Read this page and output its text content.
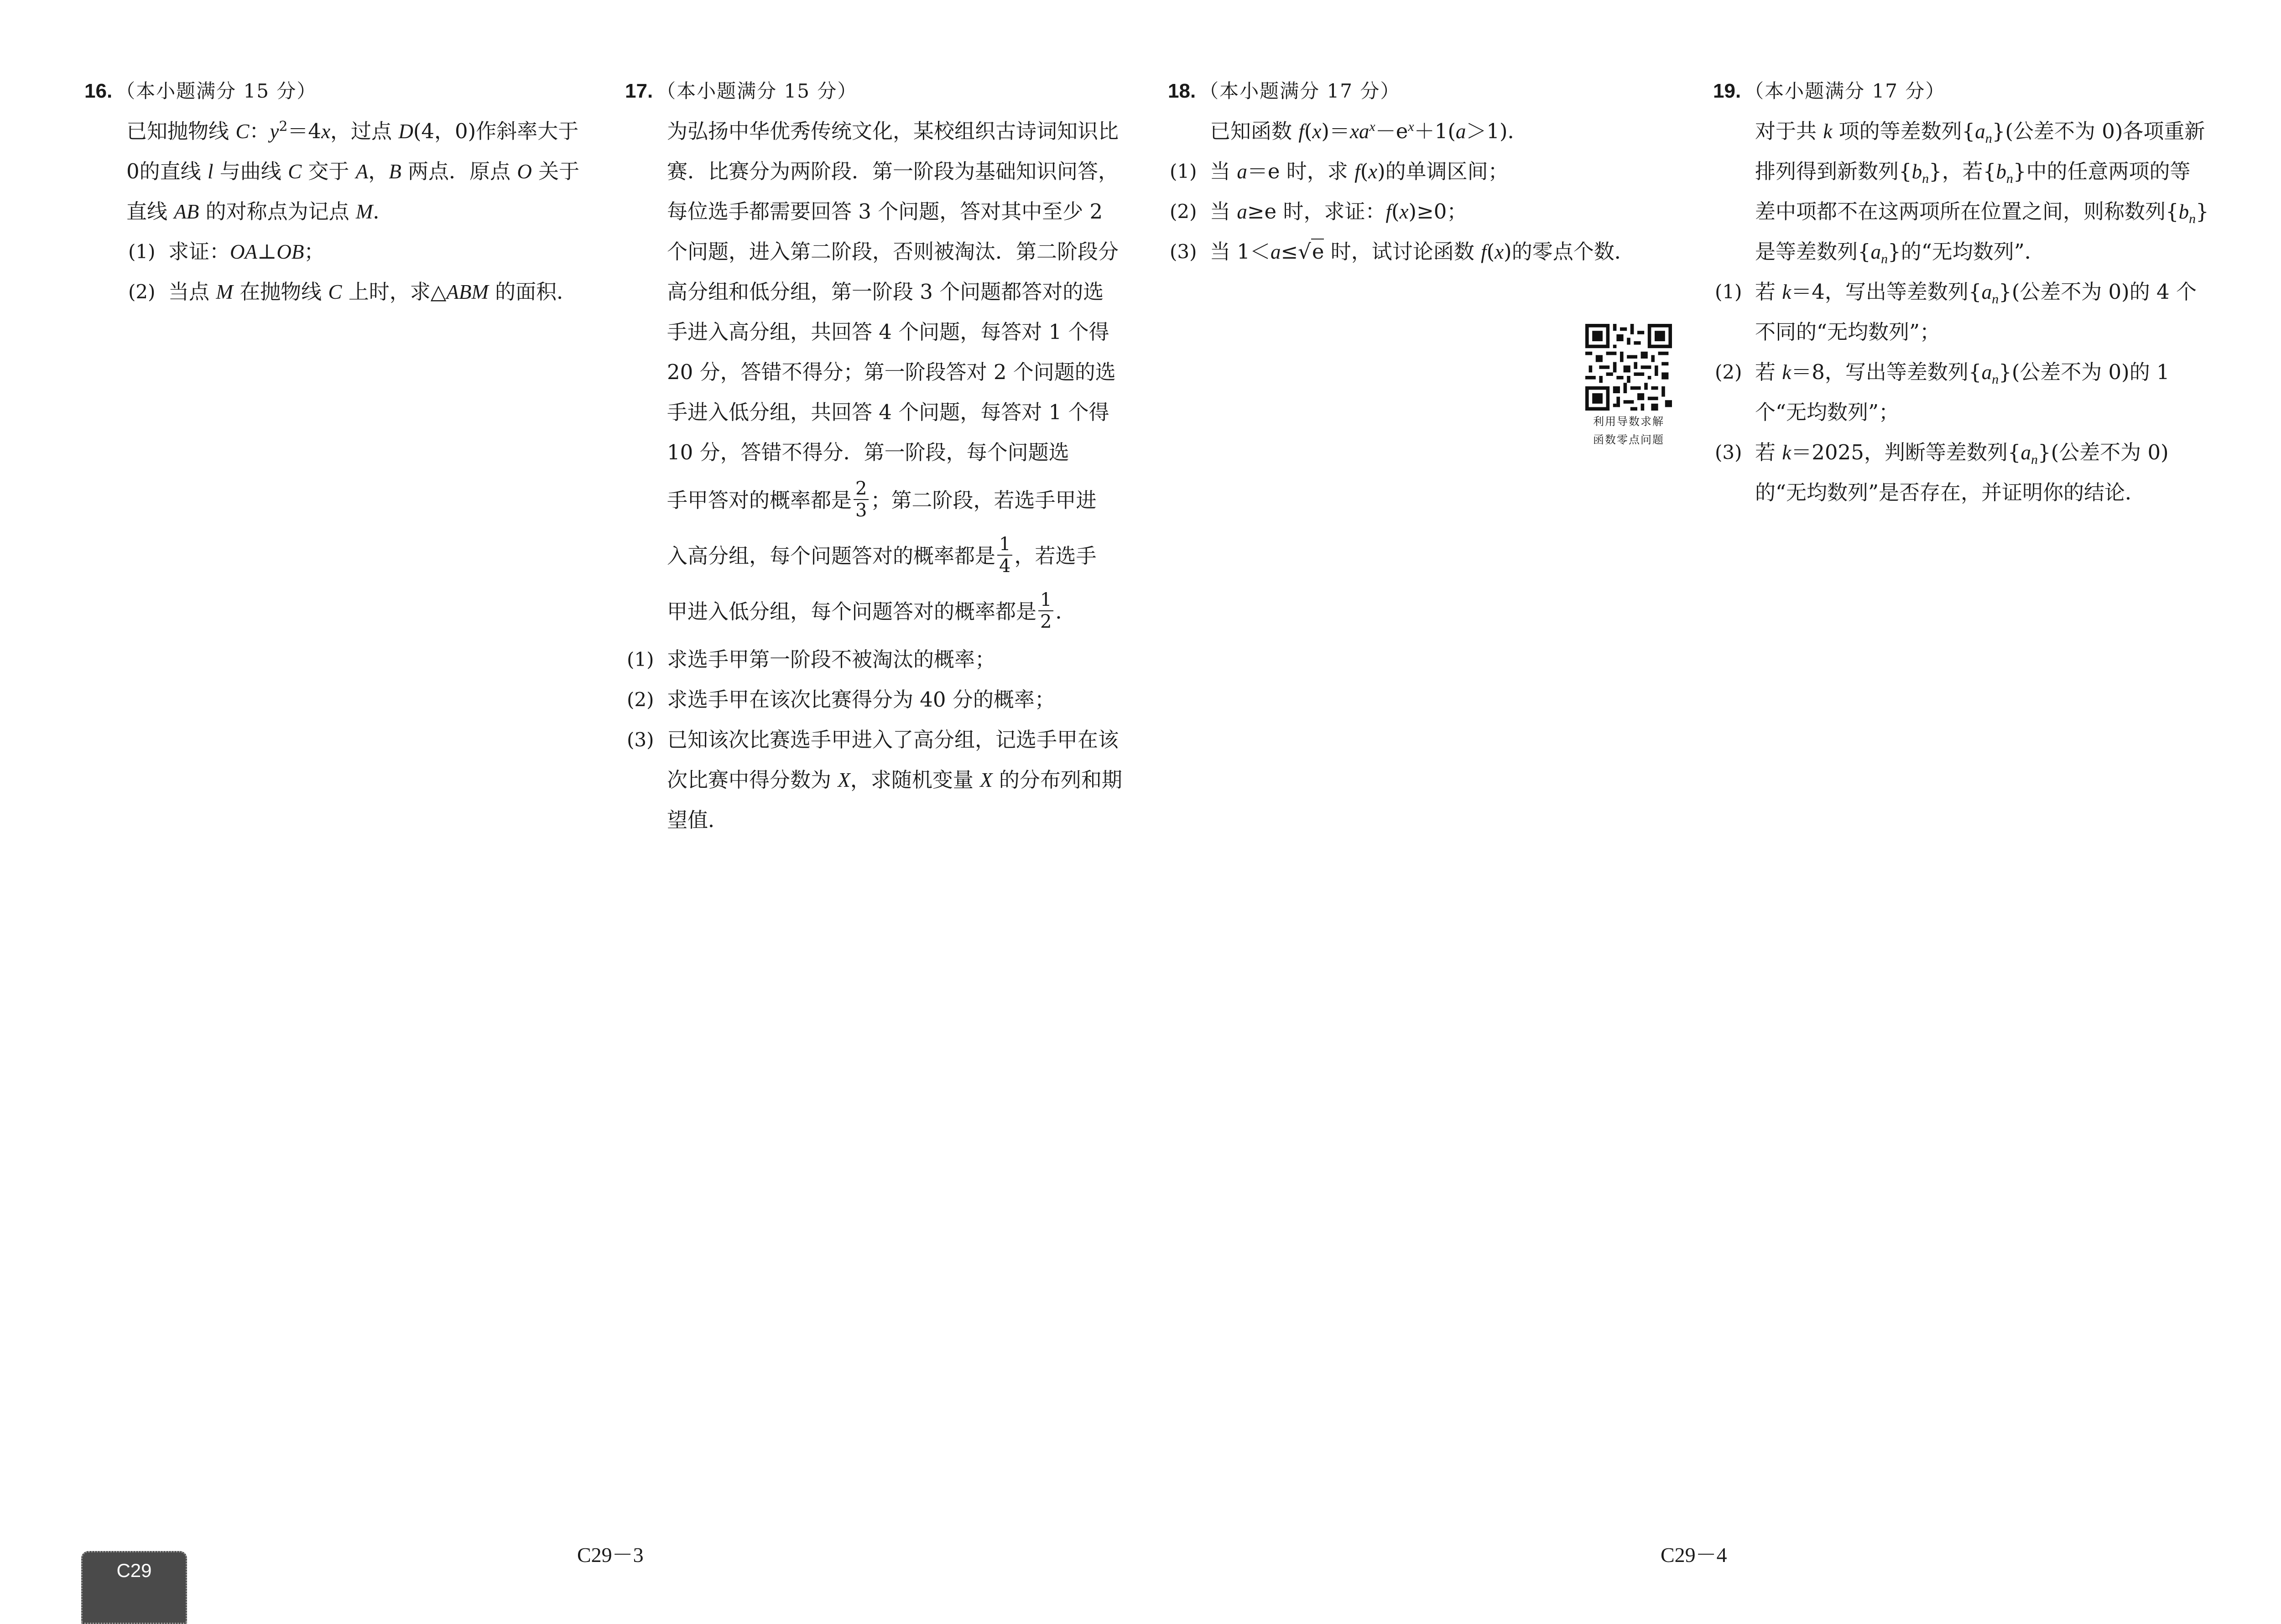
16. （本小题满分 15 分）
已知抛物线 C：$y^2=4x$，过点 D(4，0)作斜率大于0的直线 l 与曲线 C 交于 A，B 两点．原点 O 关于直线 AB 的对称点为记点 M．
(1) 求证：OA⊥OB；
(2) 当点 M 在抛物线 C 上时，求△ABM 的面积．
17. （本小题满分 15 分）
为弘扬中华优秀传统文化，某校组织古诗词知识比赛．比赛分为两阶段．第一阶段为基础知识问答，每位选手都需要回答 3 个问题，答对其中至少 2 个问题，进入第二阶段，否则被淘汰．第二阶段分高分组和低分组，第一阶段 3 个问题都答对的选手进入高分组，共回答 4 个问题，每答对 1 个得 20 分，答错不得分；第一阶段答对 2 个问题的选手进入低分组，共回答 4 个问题，每答对 1 个得 10 分，答错不得分．第一阶段，每个问题选
手甲答对的概率都是 $\frac{2}{3}$ ；第二阶段，若选手甲进
入高分组，每个问题答对的概率都是 $\frac{1}{4}$ ，若选手
甲进入低分组，每个问题答对的概率都是 $\frac{1}{2}$ ．
(1) 求选手甲第一阶段不被淘汰的概率；
(2) 求选手甲在该次比赛得分为 40 分的概率；
(3) 已知该次比赛选手甲进入了高分组，记选手甲在该次比赛中得分数为 X，求随机变量 X 的分布列和期望值．
18. （本小题满分 17 分）
已知函数 $f(x)=xa^x-e^x+1(a>1)$．
(1) 当 a＝e 时，求 f(x)的单调区间；
(2) 当 a≥e 时，求证：f(x)≥0；
(3) 当 1＜a≤√e 时，试讨论函数 f(x)的零点个数．
利用导数求解
函数零点问题
19. （本小题满分 17 分）
对于共 k 项的等差数列$\{a_n\}$(公差不为 0)各项重新排列得到新数列$\{b_n\}$，若$\{b_n\}$中的任意两项的等差中项都不在这两项所在位置之间，则称数列$\{b_n\}$是等差数列$\{a_n\}$的“无均数列”．
(1) 若 k＝4，写出等差数列$\{a_n\}$(公差不为 0)的 4 个不同的“无均数列”；
(2) 若 k＝8，写出等差数列$\{a_n\}$(公差不为 0)的 1 个“无均数列”；
(3) 若 k＝2025，判断等差数列$\{a_n\}$(公差不为 0)的“无均数列”是否存在，并证明你的结论．
C29
C29－3	C29－4
